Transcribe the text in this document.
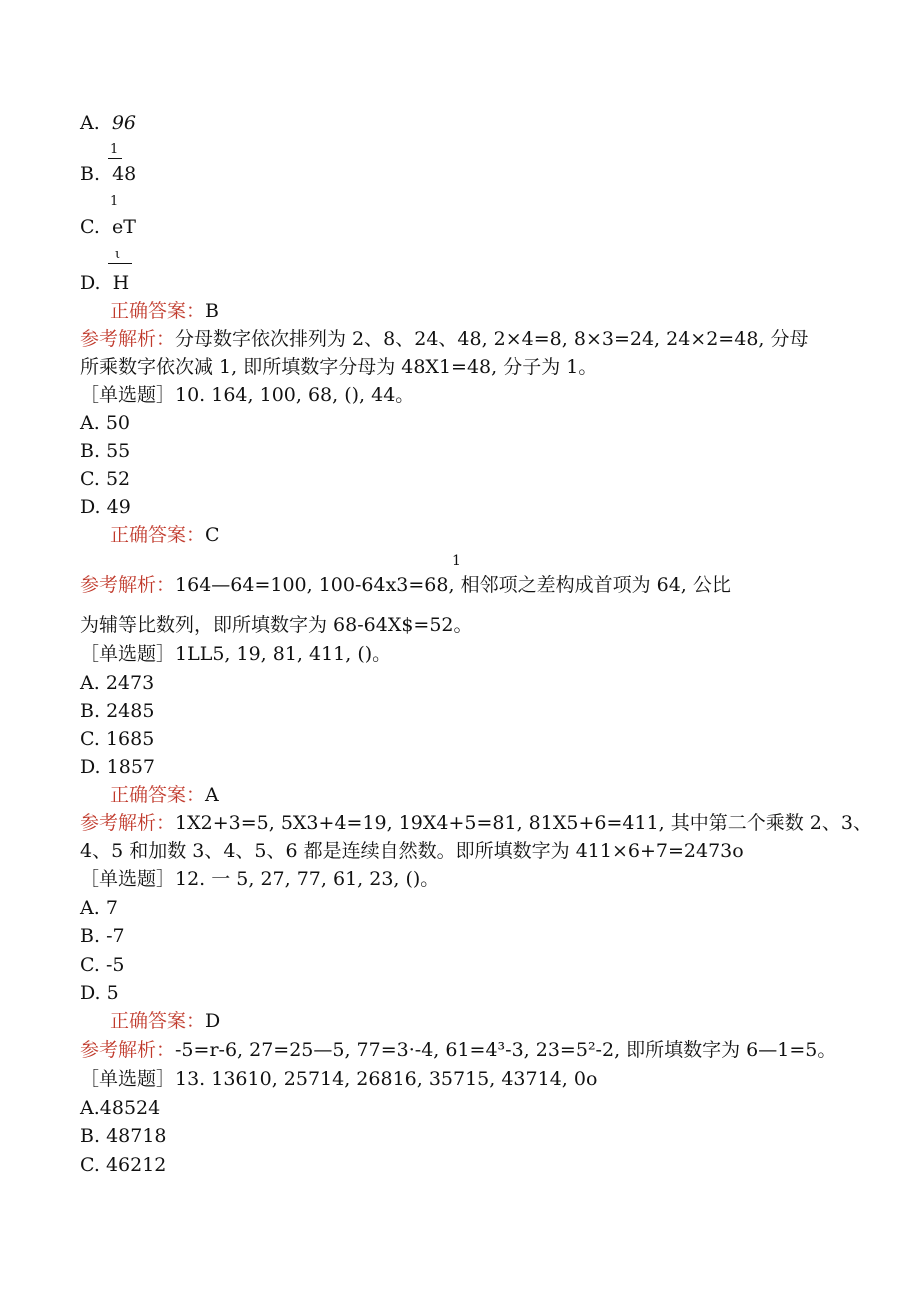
A. 96
1
B. 48
1
C. eT
ι
D. H
正确答案：B
参考解析：分母数字依次排列为 2、8、24、48, 2×4=8, 8×3=24, 24×2=48, 分母
所乘数字依次减 1, 即所填数字分母为 48X1=48, 分子为 1。
［单选题］10. 164, 100, 68, (), 44。
A. 50
B. 55
C. 52
D. 49
正确答案：C
1
参考解析：164—64=100, 100-64x3=68, 相邻项之差构成首项为 64, 公比
为辅等比数列，即所填数字为 68-64X$=52。
［单选题］1LL5, 19, 81, 411, ()。
A. 2473
B. 2485
C. 1685
D. 1857
正确答案：A
参考解析：1X2+3=5, 5X3+4=19, 19X4+5=81, 81X5+6=411, 其中第二个乘数 2、3、
4、5 和加数 3、4、5、6 都是连续自然数。即所填数字为 411×6+7=2473o
［单选题］12. 一 5, 27, 77, 61, 23, ()。
A. 7
B. -7
C. -5
D. 5
正确答案：D
参考解析：-5=r-6, 27=25—5, 77=3·-4, 61=4³-3, 23=5²-2, 即所填数字为 6—1=5。
［单选题］13. 13610, 25714, 26816, 35715, 43714, 0o
A.48524
B. 48718
C. 46212
